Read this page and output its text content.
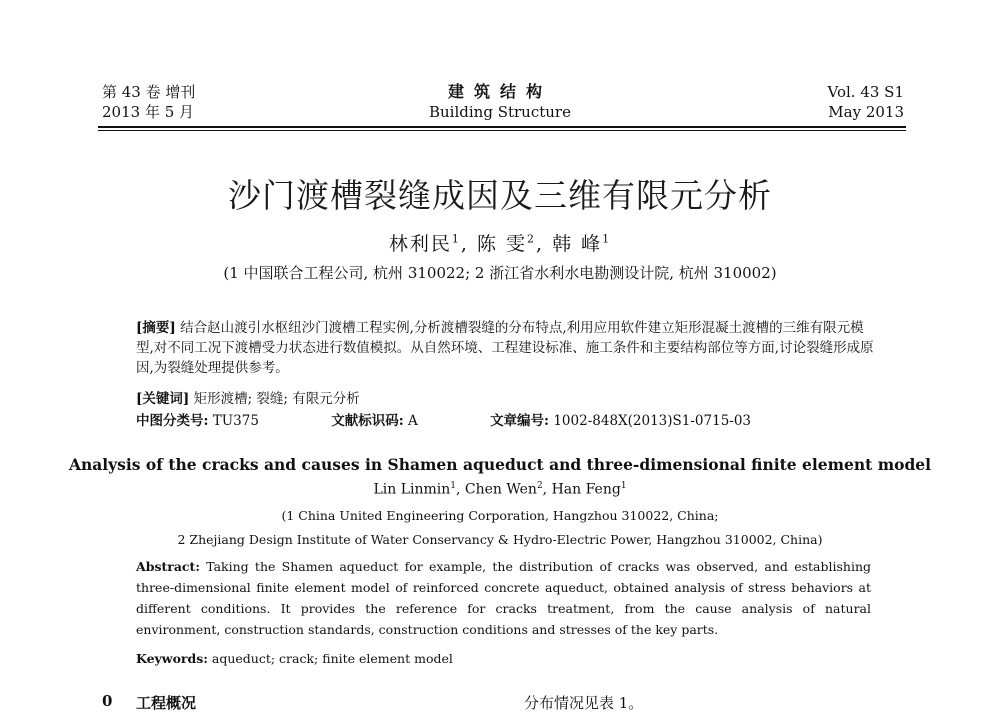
第 43 卷 增刊
2013 年 5 月
建筑结构
Building Structure
Vol. 43 S1
May 2013
沙门渡槽裂缝成因及三维有限元分析
林利民$^1$, 陈 雯$^2$, 韩 峰$^1$
(1 中国联合工程公司, 杭州 310022; 2 浙江省水利水电勘测设计院, 杭州 310002)
[摘要] 结合赵山渡引水枢纽沙门渡槽工程实例,分析渡槽裂缝的分布特点,利用应用软件建立矩形混凝土渡槽的三维有限元模型,对不同工况下渡槽受力状态进行数值模拟。从自然环境、工程建设标准、施工条件和主要结构部位等方面,讨论裂缝形成原因,为裂缝处理提供参考。
[关键词] 矩形渡槽; 裂缝; 有限元分析
中图分类号: TU375	文献标识码: A	文章编号: 1002-848X(2013)S1-0715-03
Analysis of the cracks and causes in Shamen aqueduct and three-dimensional finite element model
Lin Linmin$^1$, Chen Wen$^2$, Han Feng$^1$
(1 China United Engineering Corporation, Hangzhou 310022, China;
2 Zhejiang Design Institute of Water Conservancy & Hydro-Electric Power, Hangzhou 310002, China)
Abstract: Taking the Shamen aqueduct for example, the distribution of cracks was observed, and establishing three-dimensional finite element model of reinforced concrete aqueduct, obtained analysis of stress behaviors at different conditions. It provides the reference for cracks treatment, from the cause analysis of natural environment, construction standards, construction conditions and stresses of the key parts.
Keywords: aqueduct; crack; finite element model
0 工程概况	分布情况见表 1。
